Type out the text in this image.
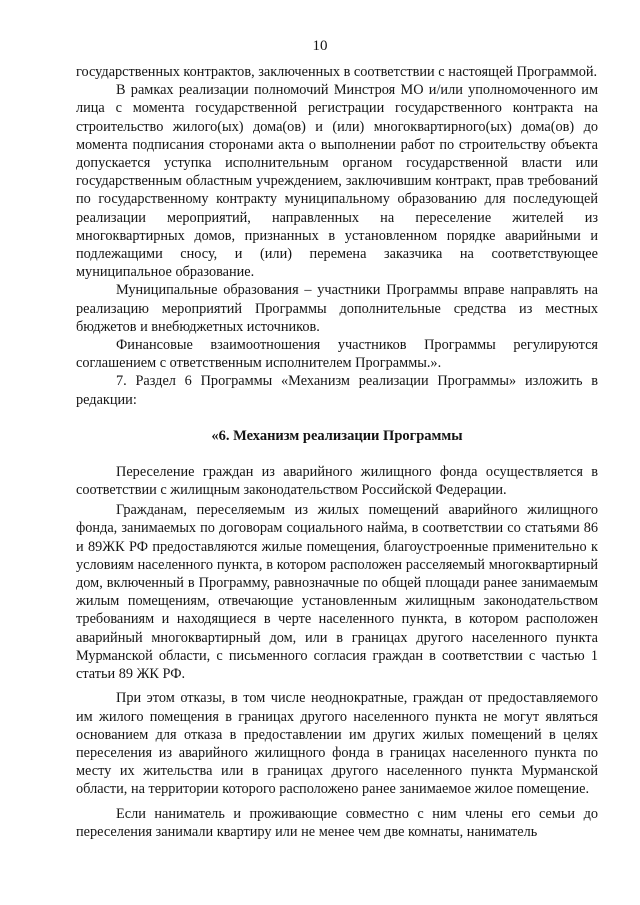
10

государственных контрактов, заключенных в соответствии с настоящей Программой.

В рамках реализации полномочий Минстроя МО и/или уполномоченного им лица с момента государственной регистрации государственного контракта на строительство жилого(ых) дома(ов) и (или) многоквартирного(ых) дома(ов) до момента подписания сторонами акта о выполнении работ по строительству объекта допускается уступка исполнительным органом государственной власти или государственным областным учреждением, заключившим контракт, прав требований по государственному контракту муниципальному образованию для последующей реализации мероприятий, направленных на переселение жителей из многоквартирных домов, признанных в установленном порядке аварийными и подлежащими сносу, и (или) перемена заказчика на соответствующее муниципальное образование.

Муниципальные образования – участники Программы вправе направлять на реализацию мероприятий Программы дополнительные средства из местных бюджетов и внебюджетных источников.

Финансовые взаимоотношения участников Программы регулируются соглашением с ответственным исполнителем Программы.».

7. Раздел 6 Программы «Механизм реализации Программы» изложить в редакции:

«6. Механизм реализации Программы

Переселение граждан из аварийного жилищного фонда осуществляется в соответствии с жилищным законодательством Российской Федерации.

Гражданам, переселяемым из жилых помещений аварийного жилищного фонда, занимаемых по договорам социального найма, в соответствии со статьями 86 и 89ЖК РФ предоставляются жилые помещения, благоустроенные применительно к условиям населенного пункта, в котором расположен расселяемый многоквартирный дом, включенный в Программу, равнозначные по общей площади ранее занимаемым жилым помещениям, отвечающие установленным жилищным законодательством требованиям и находящиеся в черте населенного пункта, в котором расположен аварийный многоквартирный дом, или в границах другого населенного пункта Мурманской области, с письменного согласия граждан в соответствии с частью 1 статьи 89 ЖК РФ.

При этом отказы, в том числе неоднократные, граждан от предоставляемого им жилого помещения в границах другого населенного пункта не могут являться основанием для отказа в предоставлении им других жилых помещений в целях переселения из аварийного жилищного фонда в границах населенного пункта по месту их жительства или в границах другого населенного пункта Мурманской области, на территории которого расположено ранее занимаемое жилое помещение.

Если наниматель и проживающие совместно с ним члены его семьи до переселения занимали квартиру или не менее чем две комнаты, наниматель
